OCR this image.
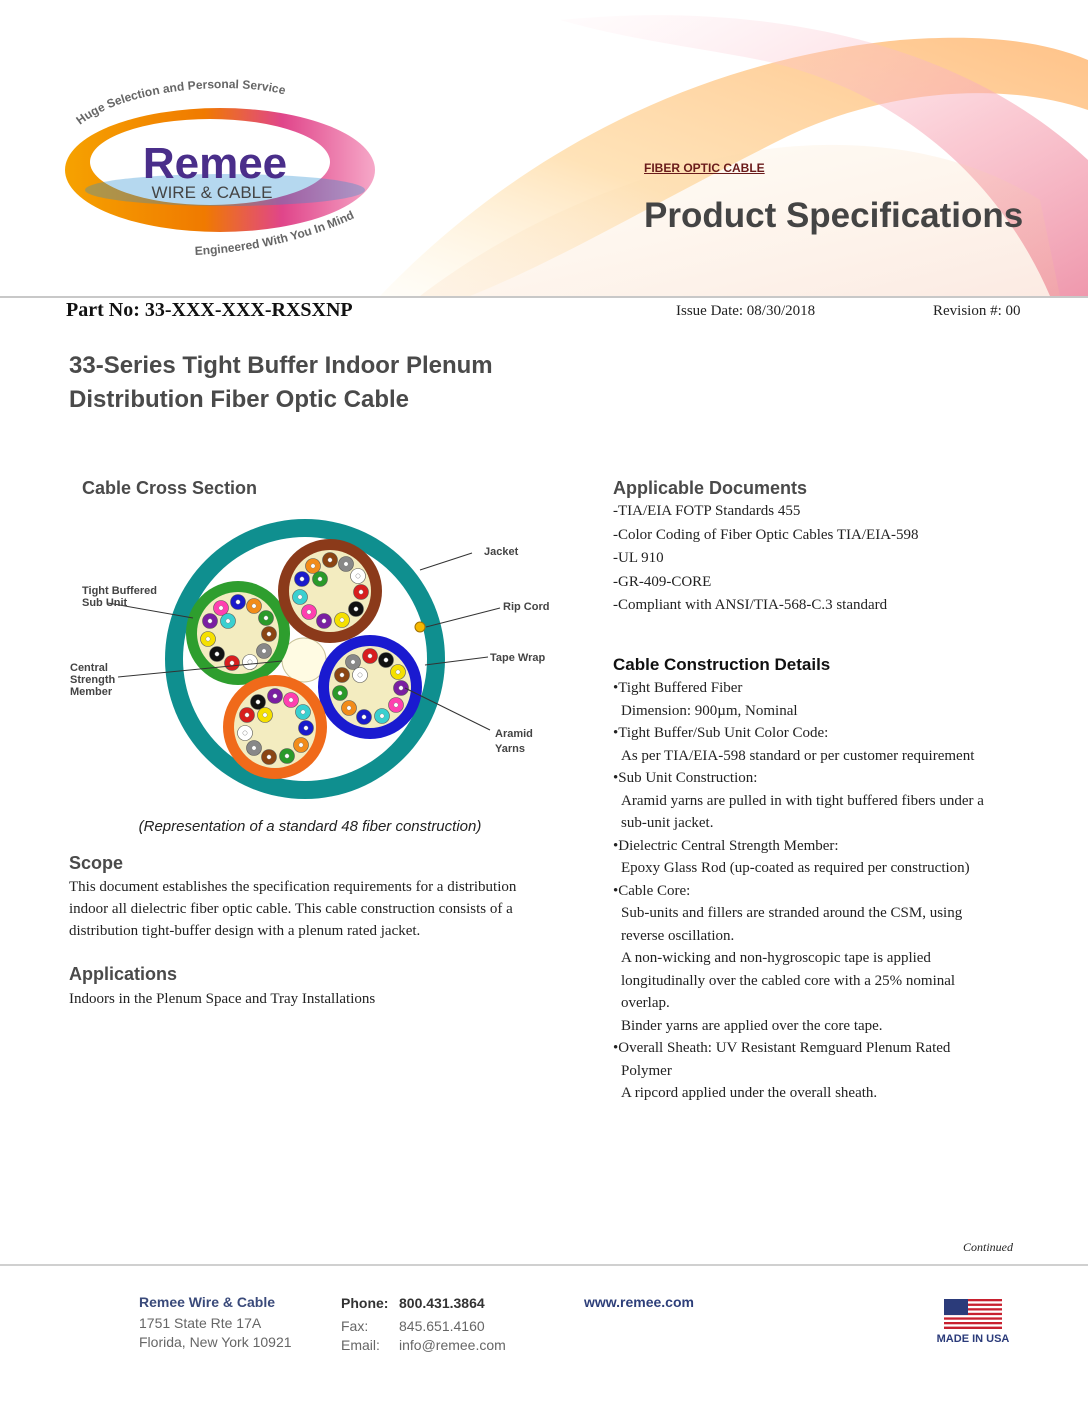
Huge Selection and Personal Service
Remee
WIRE & CABLE
Engineered With You In Mind
FIBER OPTIC CABLE
Product Specifications
Part No: 33-XXX-XXX-RXSXNP	Issue Date: 08/30/2018	Revision #: 00
33-Series Tight Buffer Indoor Plenum
Distribution Fiber Optic Cable
Cable Cross Section
Jacket
Rip Cord
Tape Wrap
Aramid
Yarns
Tight Buffered
Sub Unit
Central
Strength
Member
(Representation of a standard 48 fiber construction)
Scope
This document establishes the specification requirements for a distribution
indoor all dielectric fiber optic cable. This cable construction consists of a
distribution tight-buffer design with a plenum rated jacket.
Applications
Indoors in the Plenum Space and Tray Installations
Applicable Documents
-TIA/EIA FOTP Standards 455
-Color Coding of Fiber Optic Cables TIA/EIA-598
-UL 910
-GR-409-CORE
-Compliant with ANSI/TIA-568-C.3 standard
Cable Construction Details
•Tight Buffered Fiber
Dimension: 900µm, Nominal
•Tight Buffer/Sub Unit Color Code:
As per TIA/EIA-598 standard or per customer requirement
•Sub Unit Construction:
Aramid yarns are pulled in with tight buffered fibers under a
sub-unit jacket.
•Dielectric Central Strength Member:
Epoxy Glass Rod (up-coated as required per construction)
•Cable Core:
Sub-units and fillers are stranded around the CSM, using
reverse oscillation.
A non-wicking and non-hygroscopic tape is applied
longitudinally over the cabled core with a 25% nominal
overlap.
Binder yarns are applied over the core tape.
•Overall Sheath: UV Resistant Remguard Plenum Rated
Polymer
A ripcord applied under the overall sheath.
Continued
Remee Wire & Cable
1751 State Rte 17A
Florida, New York 10921
Phone: 800.431.3864
Fax: 845.651.4160
Email: info@remee.com
www.remee.com
MADE IN USA
